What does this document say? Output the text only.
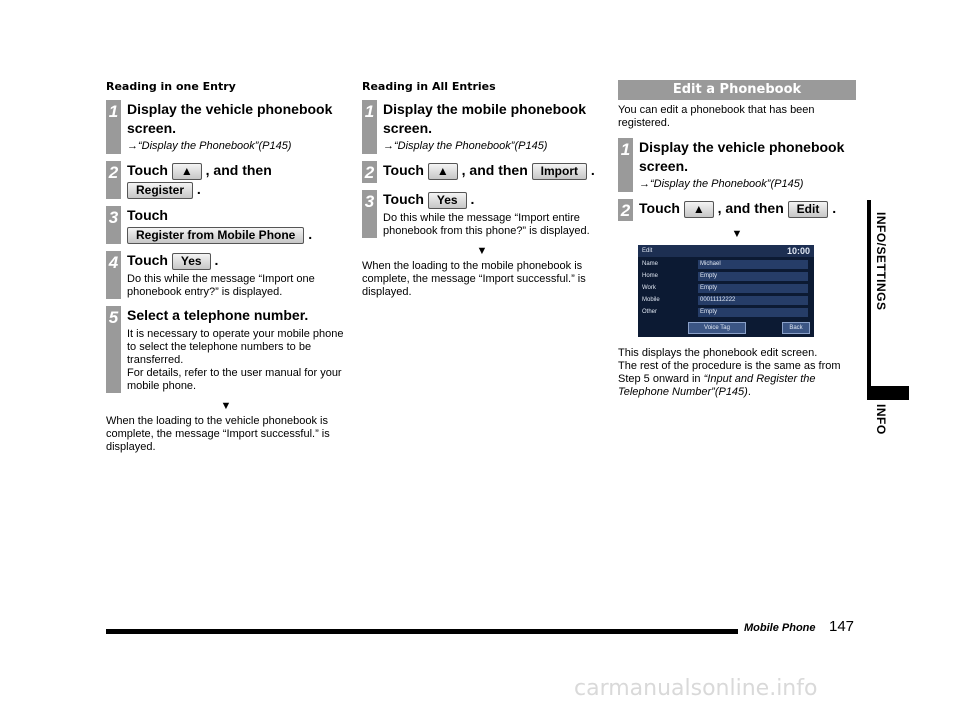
Reading in one Entry
1 Display the vehicle phonebook screen.
→“Display the Phonebook”(P145)
2 Touch ▲ , and then
Register .
3 Touch
Register from Mobile Phone .
4 Touch Yes .
Do this while the message “Import one phonebook entry?” is displayed.
5 Select a telephone number.
It is necessary to operate your mobile phone to select the telephone numbers to be transferred.
For details, refer to the user manual for your mobile phone.
▼
When the loading to the vehicle phonebook is complete, the message “Import successful.” is displayed.
Reading in All Entries
1 Display the mobile phonebook screen.
→“Display the Phonebook”(P145)
2 Touch ▲ , and then Import .
3 Touch Yes .
Do this while the message “Import entire phonebook from this phone?” is displayed.
▼
When the loading to the mobile phonebook is complete, the message “Import successful.” is displayed.
Edit a Phonebook
You can edit a phonebook that has been registered.
1 Display the vehicle phonebook screen.
→“Display the Phonebook”(P145)
2 Touch ▲ , and then Edit .
▼
Edit	10:00
Name	Michael
Home	Empty
Work	Empty
Mobile	00011112222
Other	Empty
Voice Tag	Back
This displays the phonebook edit screen.
The rest of the procedure is the same as from Step 5 onward in “Input and Register the Telephone Number”(P145).
INFO/SETTINGS
INFO
Mobile Phone 147
carmanualsonline.info
